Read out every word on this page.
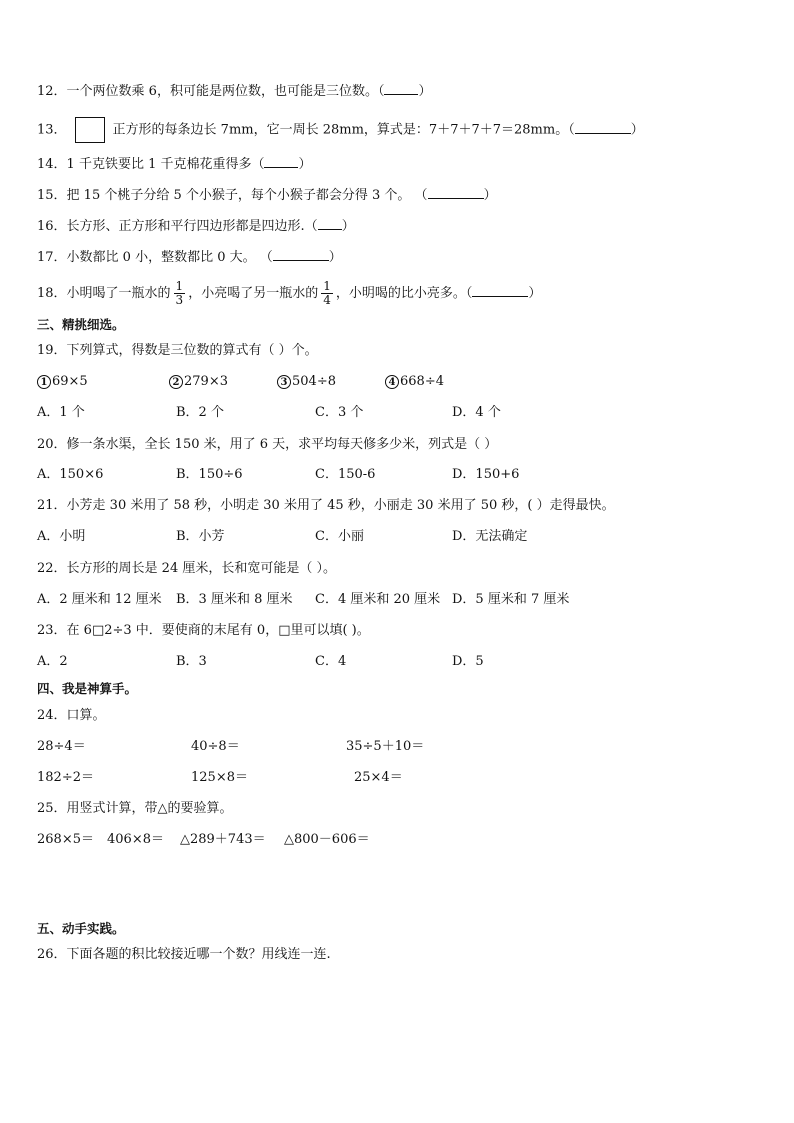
12．一个两位数乘 6，积可能是两位数，也可能是三位数。（	）
13．	正方形的每条边长 7mm，它一周长 28mm，算式是：7＋7＋7＋7＝28mm。（	）
14．1 千克铁要比 1 千克棉花重得多（	）
15．把 15 个桃子分给 5 个小猴子，每个小猴子都会分得 3 个。 （	）
16．长方形、正方形和平行四边形都是四边形.（ ）
17．小数都比 0 小，整数都比 0 大。 （	）
18．小明喝了一瓶水的 $\frac{1}{3}$ ，小亮喝了另一瓶水的 $\frac{1}{4}$ ，小明喝的比小亮多。（	）
三、精挑细选。
19．下列算式，得数是三位数的算式有（ ）个。
1 69×5	2 279×3	3 504÷8	4 668÷4
A．1 个	B．2 个	C．3 个	D．4 个
20．修一条水渠，全长 150 米，用了 6 天，求平均每天修多少米，列式是（ ）
A．150×6	B．150÷6	C．150-6	D．150+6
21．小芳走 30 米用了 58 秒，小明走 30 米用了 45 秒，小丽走 30 米用了 50 秒，( ）走得最快。
A．小明	B．小芳	C．小丽	D．无法确定
22．长方形的周长是 24 厘米，长和宽可能是（ ）。
A．2 厘米和 12 厘米 B．3 厘米和 8 厘米 C．4 厘米和 20 厘米 D．5 厘米和 7 厘米
23．在 6□2÷3 中．要使商的末尾有 0，□里可以填( )。
A．2	B．3	C．4	D．5
四、我是神算手。
24．口算。
28÷4＝	40÷8＝	35÷5＋10＝
182÷2＝	125×8＝	25×4＝
25．用竖式计算，带△的要验算。
268×5＝ 406×8＝ △289＋743＝ △800－606＝
五、动手实践。
26．下面各题的积比较接近哪一个数？用线连一连.
